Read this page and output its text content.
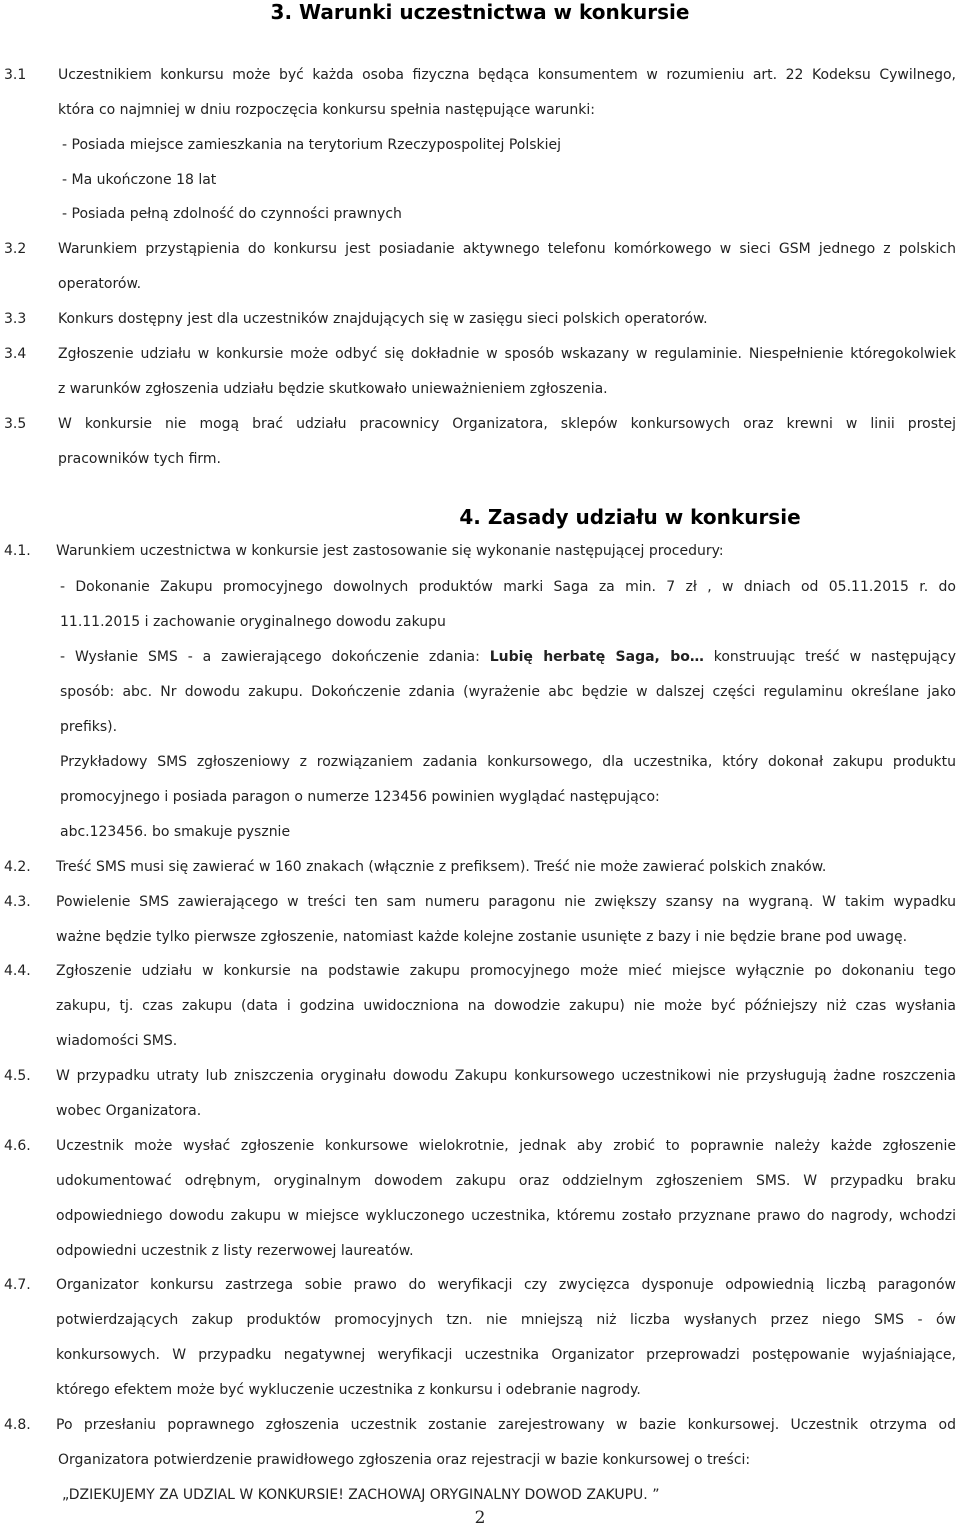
3. Warunki uczestnictwa w konkursie
3.1 Uczestnikiem konkursu może być każda osoba fizyczna będąca konsumentem w rozumieniu art. 22 Kodeksu Cywilnego,
która co najmniej w dniu rozpoczęcia konkursu spełnia następujące warunki:
- Posiada miejsce zamieszkania na terytorium Rzeczypospolitej Polskiej
- Ma ukończone 18 lat
- Posiada pełną zdolność do czynności prawnych
3.2 Warunkiem przystąpienia do konkursu jest posiadanie aktywnego telefonu komórkowego w sieci GSM jednego z polskich
operatorów.
3.3 Konkurs dostępny jest dla uczestników znajdujących się w zasięgu sieci polskich operatorów.
3.4 Zgłoszenie udziału w konkursie może odbyć się dokładnie w sposób wskazany w regulaminie. Niespełnienie któregokolwiek
z warunków zgłoszenia udziału będzie skutkowało unieważnieniem zgłoszenia.
3.5 W konkursie nie mogą brać udziału pracownicy Organizatora, sklepów konkursowych oraz krewni w linii prostej
pracowników tych firm.
4. Zasady udziału w konkursie
4.1. Warunkiem uczestnictwa w konkursie jest zastosowanie się wykonanie następującej procedury:
- Dokonanie Zakupu promocyjnego dowolnych produktów marki Saga za min. 7 zł , w dniach od 05.11.2015 r. do
11.11.2015 i zachowanie oryginalnego dowodu zakupu
- Wysłanie SMS - a zawierającego dokończenie zdania: Lubię herbatę Saga, bo… konstruując treść w następujący
sposób: abc. Nr dowodu zakupu. Dokończenie zdania (wyrażenie abc będzie w dalszej części regulaminu określane jako
prefiks).
Przykładowy SMS zgłoszeniowy z rozwiązaniem zadania konkursowego, dla uczestnika, który dokonał zakupu produktu
promocyjnego i posiada paragon o numerze 123456 powinien wyglądać następująco:
abc.123456. bo smakuje pysznie
4.2. Treść SMS musi się zawierać w 160 znakach (włącznie z prefiksem). Treść nie może zawierać polskich znaków.
4.3. Powielenie SMS zawierającego w treści ten sam numeru paragonu nie zwiększy szansy na wygraną. W takim wypadku
ważne będzie tylko pierwsze zgłoszenie, natomiast każde kolejne zostanie usunięte z bazy i nie będzie brane pod uwagę.
4.4. Zgłoszenie udziału w konkursie na podstawie zakupu promocyjnego może mieć miejsce wyłącznie po dokonaniu tego
zakupu, tj. czas zakupu (data i godzina uwidoczniona na dowodzie zakupu) nie może być późniejszy niż czas wysłania
wiadomości SMS.
4.5. W przypadku utraty lub zniszczenia oryginału dowodu Zakupu konkursowego uczestnikowi nie przysługują żadne roszczenia
wobec Organizatora.
4.6. Uczestnik może wysłać zgłoszenie konkursowe wielokrotnie, jednak aby zrobić to poprawnie należy każde zgłoszenie
udokumentować odrębnym, oryginalnym dowodem zakupu oraz oddzielnym zgłoszeniem SMS. W przypadku braku
odpowiedniego dowodu zakupu w miejsce wykluczonego uczestnika, któremu zostało przyznane prawo do nagrody, wchodzi
odpowiedni uczestnik z listy rezerwowej laureatów.
4.7. Organizator konkursu zastrzega sobie prawo do weryfikacji czy zwycięzca dysponuje odpowiednią liczbą paragonów
potwierdzających zakup produktów promocyjnych tzn. nie mniejszą niż liczba wysłanych przez niego SMS - ów
konkursowych. W przypadku negatywnej weryfikacji uczestnika Organizator przeprowadzi postępowanie wyjaśniające,
którego efektem może być wykluczenie uczestnika z konkursu i odebranie nagrody.
4.8. Po przesłaniu poprawnego zgłoszenia uczestnik zostanie zarejestrowany w bazie konkursowej. Uczestnik otrzyma od
Organizatora potwierdzenie prawidłowego zgłoszenia oraz rejestracji w bazie konkursowej o treści:
„DZIEKUJEMY ZA UDZIAL W KONKURSIE! ZACHOWAJ ORYGINALNY DOWOD ZAKUPU. ”
2
